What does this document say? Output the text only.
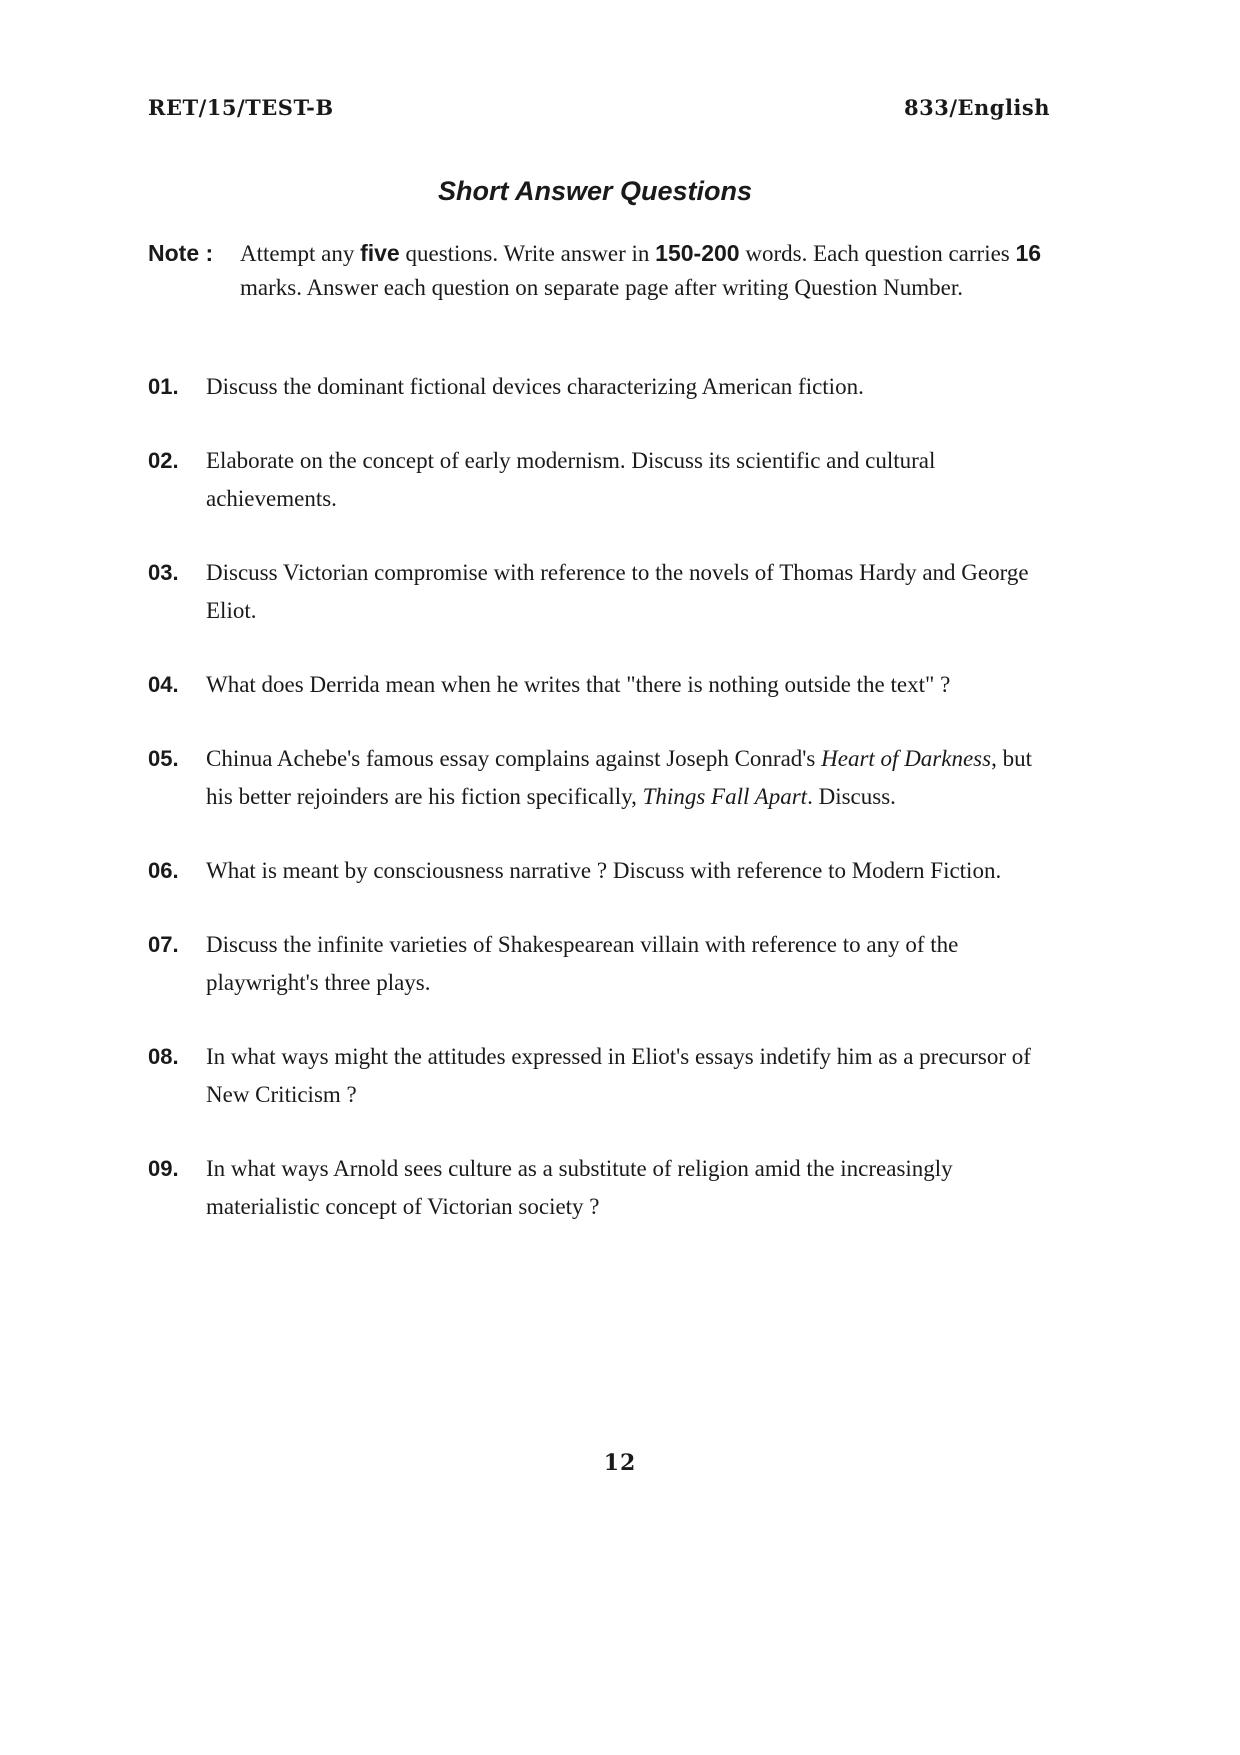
RET/15/TEST-B	833/English
Short Answer Questions
Note :	Attempt any five questions. Write answer in 150-200 words. Each question carries 16 marks. Answer each question on separate page after writing Question Number.
01.	Discuss the dominant fictional devices characterizing American fiction.
02.	Elaborate on the concept of early modernism. Discuss its scientific and cultural achievements.
03.	Discuss Victorian compromise with reference to the novels of Thomas Hardy and George Eliot.
04.	What does Derrida mean when he writes that "there is nothing outside the text" ?
05.	Chinua Achebe's famous essay complains against Joseph Conrad's Heart of Darkness, but his better rejoinders are his fiction specifically, Things Fall Apart. Discuss.
06.	What is meant by consciousness narrative ? Discuss with reference to Modern Fiction.
07.	Discuss the infinite varieties of Shakespearean villain with reference to any of the playwright's three plays.
08.	In what ways might the attitudes expressed in Eliot's essays indetify him as a precursor of New Criticism ?
09.	In what ways Arnold sees culture as a substitute of religion amid the increasingly materialistic concept of Victorian society ?
12
